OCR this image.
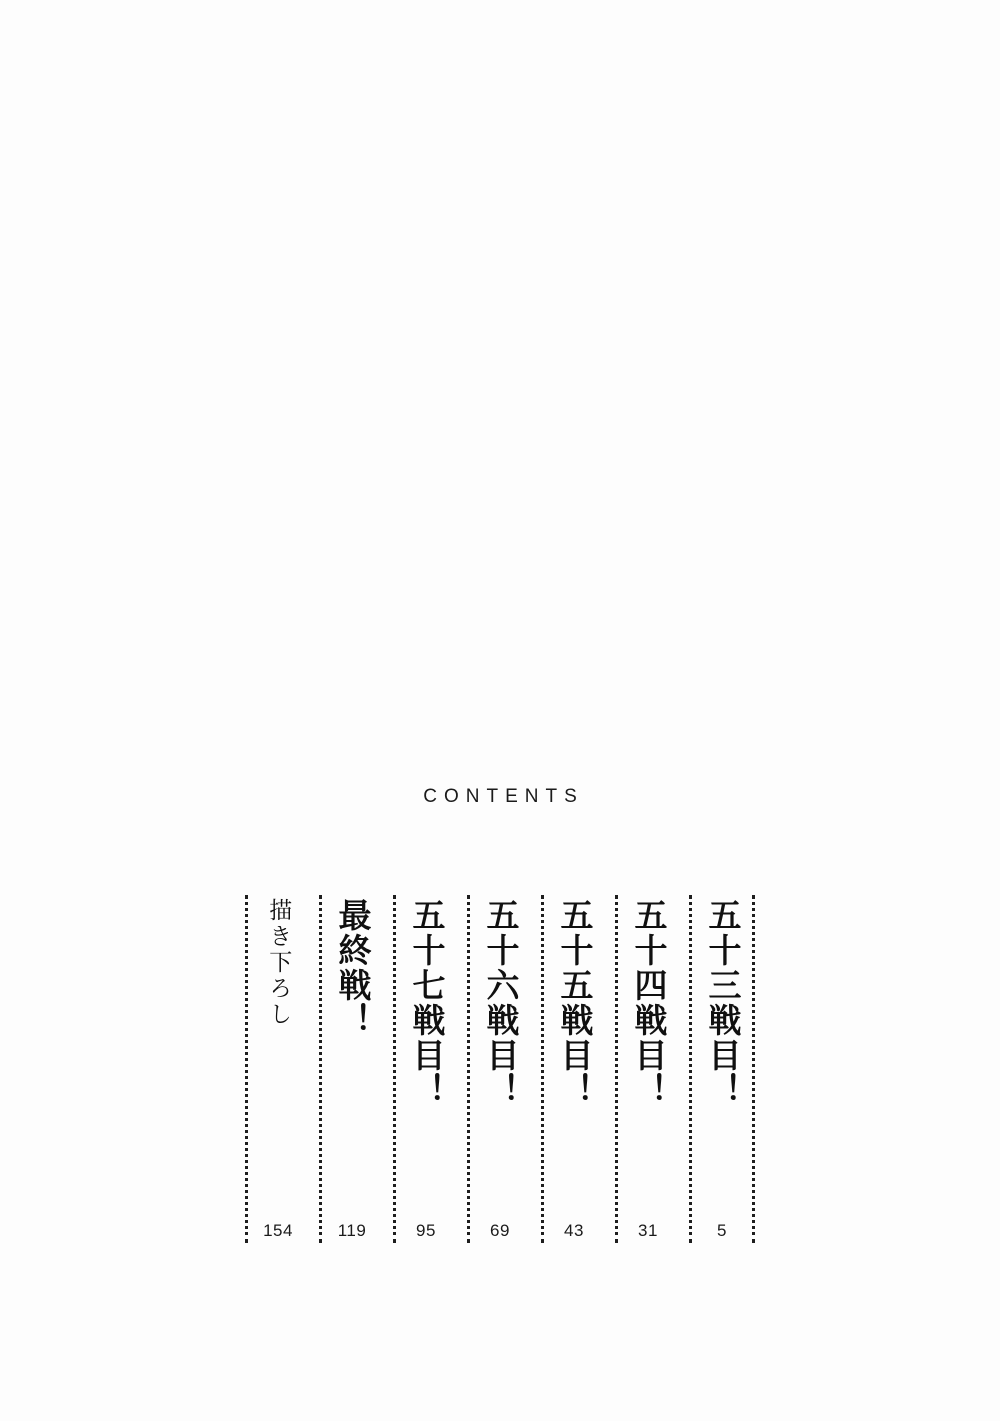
CONTENTS
五十三戦目！
5
五十四戦目！
31
五十五戦目！
43
五十六戦目！
69
五十七戦目！
95
最終戦！
119
描き下ろし
154
